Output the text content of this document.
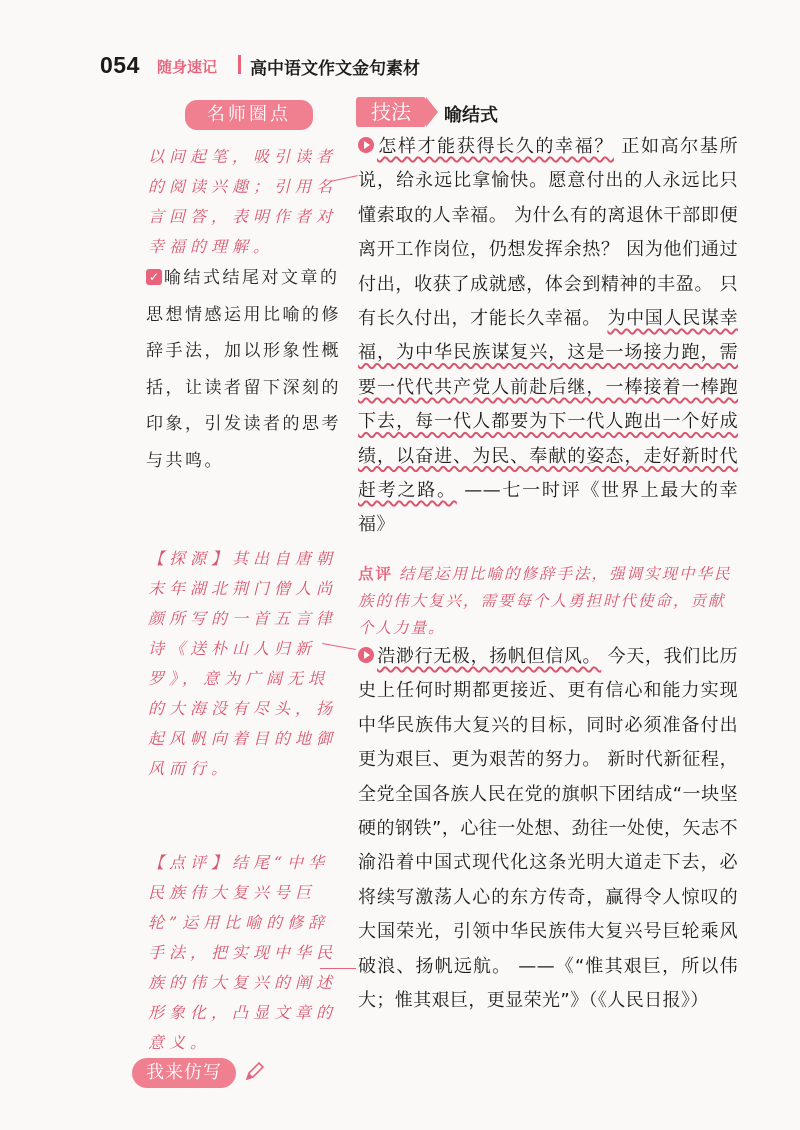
054 随身速记 高中语文作文金句素材
名师圈点
以问起笔，吸引读者的阅读兴趣；引用名言回答，表明作者对幸福的理解。
✓ 喻结式结尾对文章的思想情感运用比喻的修辞手法，加以形象性概括，让读者留下深刻的印象，引发读者的思考与共鸣。
【探源】其出自唐朝末年湖北荆门僧人尚颜所写的一首五言律诗《送朴山人归新罗》，意为广阔无垠的大海没有尽头，扬起风帆向着目的地御风而行。
【点评】结尾“中华民族伟大复兴号巨轮”运用比喻的修辞手法，把实现中华民族的伟大复兴的阐述形象化，凸显文章的意义。
我来仿写
技法	喻结式
怎样才能获得长久的幸福？ 正如高尔基所说，给永远比拿愉快。愿意付出的人永远比只懂索取的人幸福。 为什么有的离退休干部即便离开工作岗位，仍想发挥余热？ 因为他们通过付出，收获了成就感，体会到精神的丰盈。 只有长久付出，才能长久幸福。 为中国人民谋幸福，为中华民族谋复兴，这是一场接力跑，需要一代代共产党人前赴后继，一棒接着一棒跑下去，每一代人都要为下一代人跑出一个好成绩，以奋进、为民、奉献的姿态，走好新时代赶考之路。 ——七一时评《世界上最大的幸福》
点评 结尾运用比喻的修辞手法，强调实现中华民族的伟大复兴，需要每个人勇担时代使命，贡献个人力量。
浩渺行无极，扬帆但信风。 今天，我们比历史上任何时期都更接近、更有信心和能力实现中华民族伟大复兴的目标，同时必须准备付出更为艰巨、更为艰苦的努力。 新时代新征程，全党全国各族人民在党的旗帜下团结成“一块坚硬的钢铁”，心往一处想、劲往一处使，矢志不渝沿着中国式现代化这条光明大道走下去，必将续写激荡人心的东方传奇，赢得令人惊叹的大国荣光，引领中华民族伟大复兴号巨轮乘风破浪、扬帆远航。 ——《“惟其艰巨，所以伟大；惟其艰巨，更显荣光”》（《人民日报》）
